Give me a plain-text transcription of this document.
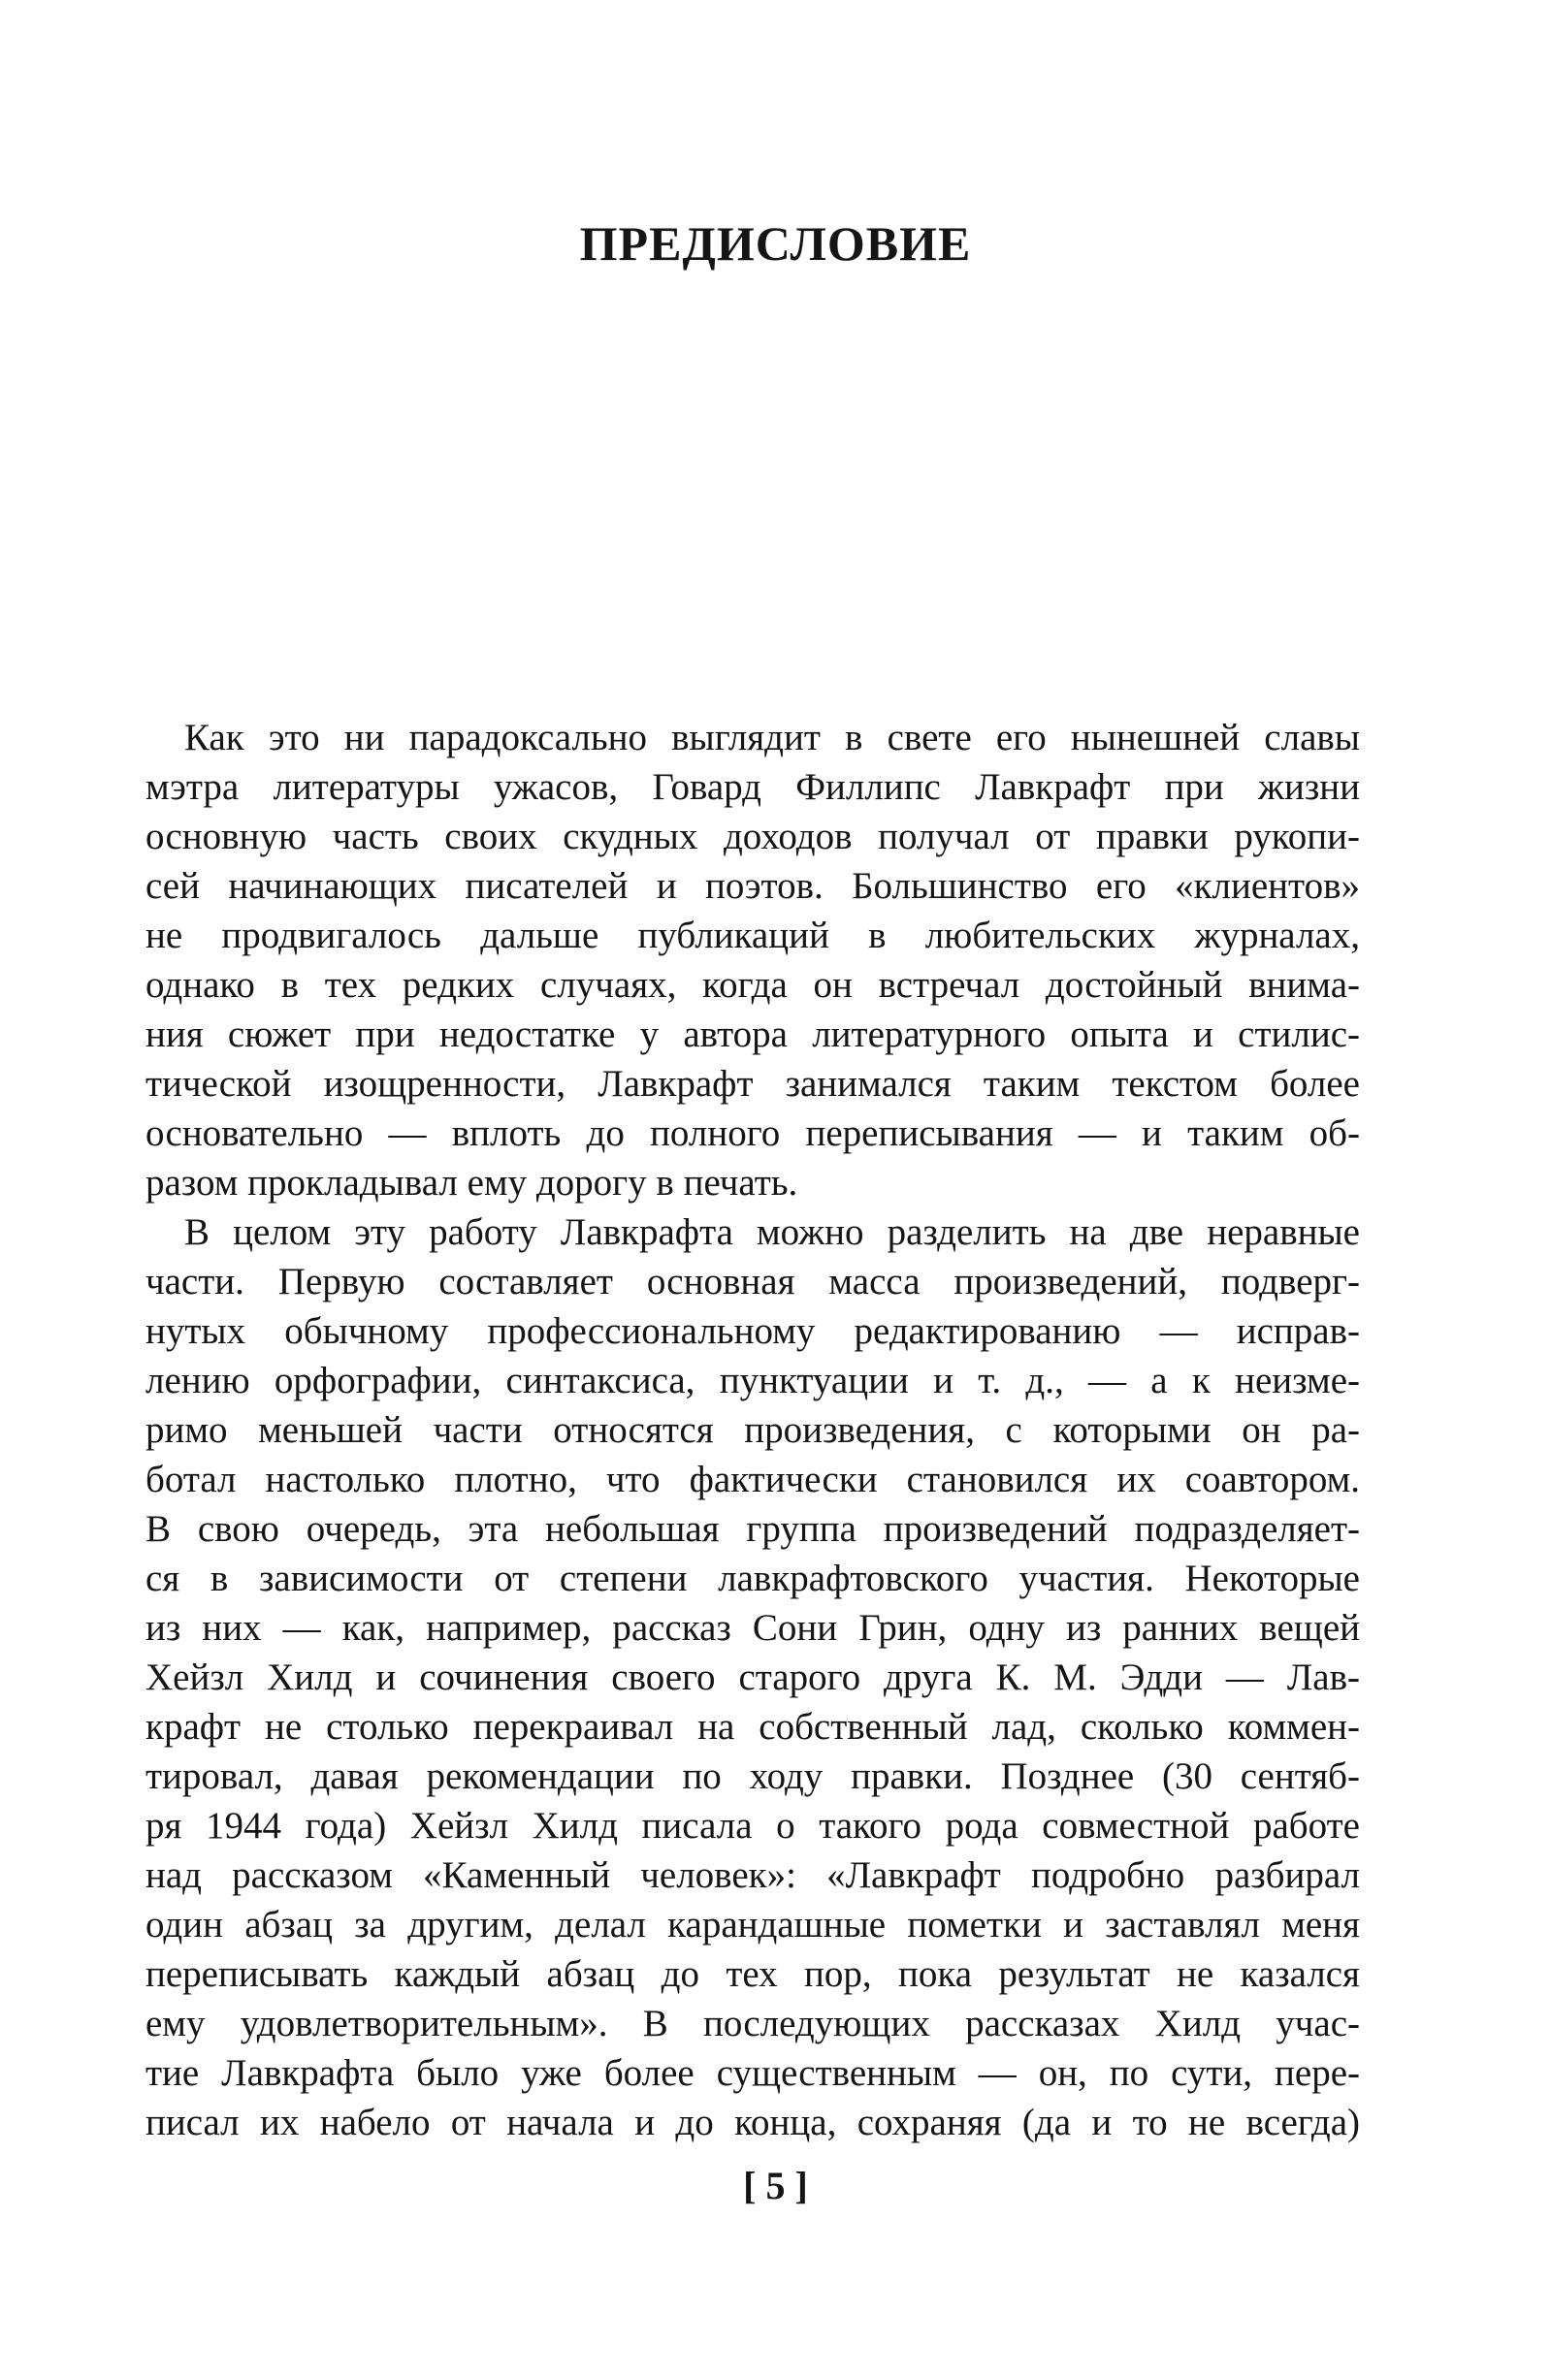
ПРЕДИСЛОВИЕ

Как это ни парадоксально выглядит в свете его нынешней славы
мэтра литературы ужасов, Говард Филлипс Лавкрафт при жизни
основную часть своих скудных доходов получал от правки рукопи-
сей начинающих писателей и поэтов. Большинство его «клиентов»
не продвигалось дальше публикаций в любительских журналах,
однако в тех редких случаях, когда он встречал достойный внима-
ния сюжет при недостатке у автора литературного опыта и стилис-
тической изощренности, Лавкрафт занимался таким текстом более
основательно — вплоть до полного переписывания — и таким об-
разом прокладывал ему дорогу в печать.

В целом эту работу Лавкрафта можно разделить на две неравные
части. Первую составляет основная масса произведений, подверг-
нутых обычному профессиональному редактированию — исправ-
лению орфографии, синтаксиса, пунктуации и т. д., — а к неизме-
римо меньшей части относятся произведения, с которыми он ра-
ботал настолько плотно, что фактически становился их соавтором.
В свою очередь, эта небольшая группа произведений подразделяет-
ся в зависимости от степени лавкрафтовского участия. Некоторые
из них — как, например, рассказ Сони Грин, одну из ранних вещей
Хейзл Хилд и сочинения своего старого друга К. М. Эдди — Лав-
крафт не столько перекраивал на собственный лад, сколько коммен-
тировал, давая рекомендации по ходу правки. Позднее (30 сентяб-
ря 1944 года) Хейзл Хилд писала о такого рода совместной работе
над рассказом «Каменный человек»: «Лавкрафт подробно разбирал
один абзац за другим, делал карандашные пометки и заставлял меня
переписывать каждый абзац до тех пор, пока результат не казался
ему удовлетворительным». В последующих рассказах Хилд учас-
тие Лавкрафта было уже более существенным — он, по сути, пере-
писал их набело от начала и до конца, сохраняя (да и то не всегда)

[ 5 ]
